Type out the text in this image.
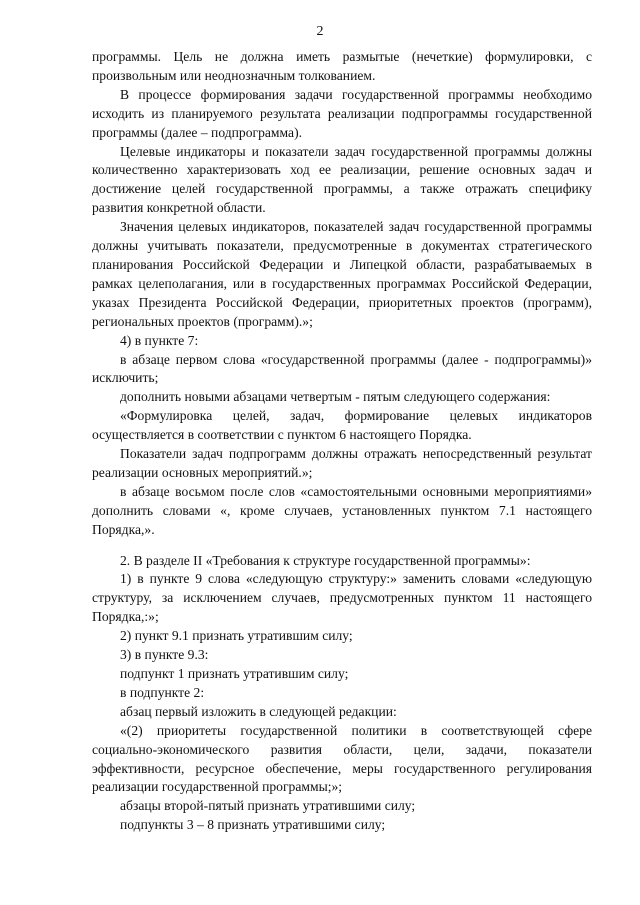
2

программы. Цель не должна иметь размытые (нечеткие) формулировки, с произвольным или неоднозначным толкованием.

В процессе формирования задачи государственной программы необходимо исходить из планируемого результата реализации подпрограммы государственной программы (далее – подпрограмма).

Целевые индикаторы и показатели задач государственной программы должны количественно характеризовать ход ее реализации, решение основных задач и достижение целей государственной программы, а также отражать специфику развития конкретной области.

Значения целевых индикаторов, показателей задач государственной программы должны учитывать показатели, предусмотренные в документах стратегического планирования Российской Федерации и Липецкой области, разрабатываемых в рамках целеполагания, или в государственных программах Российской Федерации, указах Президента Российской Федерации, приоритетных проектов (программ), региональных проектов (программ).»;

4) в пункте 7:

в абзаце первом слова «государственной программы (далее - подпрограммы)» исключить;

дополнить новыми абзацами четвертым - пятым следующего содержания:

«Формулировка целей, задач, формирование целевых индикаторов осуществляется в соответствии с пунктом 6 настоящего Порядка.

Показатели задач подпрограмм должны отражать непосредственный результат реализации основных мероприятий.»;

в абзаце восьмом после слов «самостоятельными основными мероприятиями» дополнить словами «, кроме случаев, установленных пунктом 7.1 настоящего Порядка,».

2. В разделе II «Требования к структуре государственной программы»:

1) в пункте 9 слова «следующую структуру:» заменить словами «следующую структуру, за исключением случаев, предусмотренных пунктом 11 настоящего Порядка,:»;

2) пункт 9.1 признать утратившим силу;

3) в пункте 9.3:

подпункт 1 признать утратившим силу;

в подпункте 2:

абзац первый изложить в следующей редакции:

«(2) приоритеты государственной политики в соответствующей сфере социально-экономического развития области, цели, задачи, показатели эффективности, ресурсное обеспечение, меры государственного регулирования реализации государственной программы;»;

абзацы второй-пятый признать утратившими силу;

подпункты 3 – 8 признать утратившими силу;
